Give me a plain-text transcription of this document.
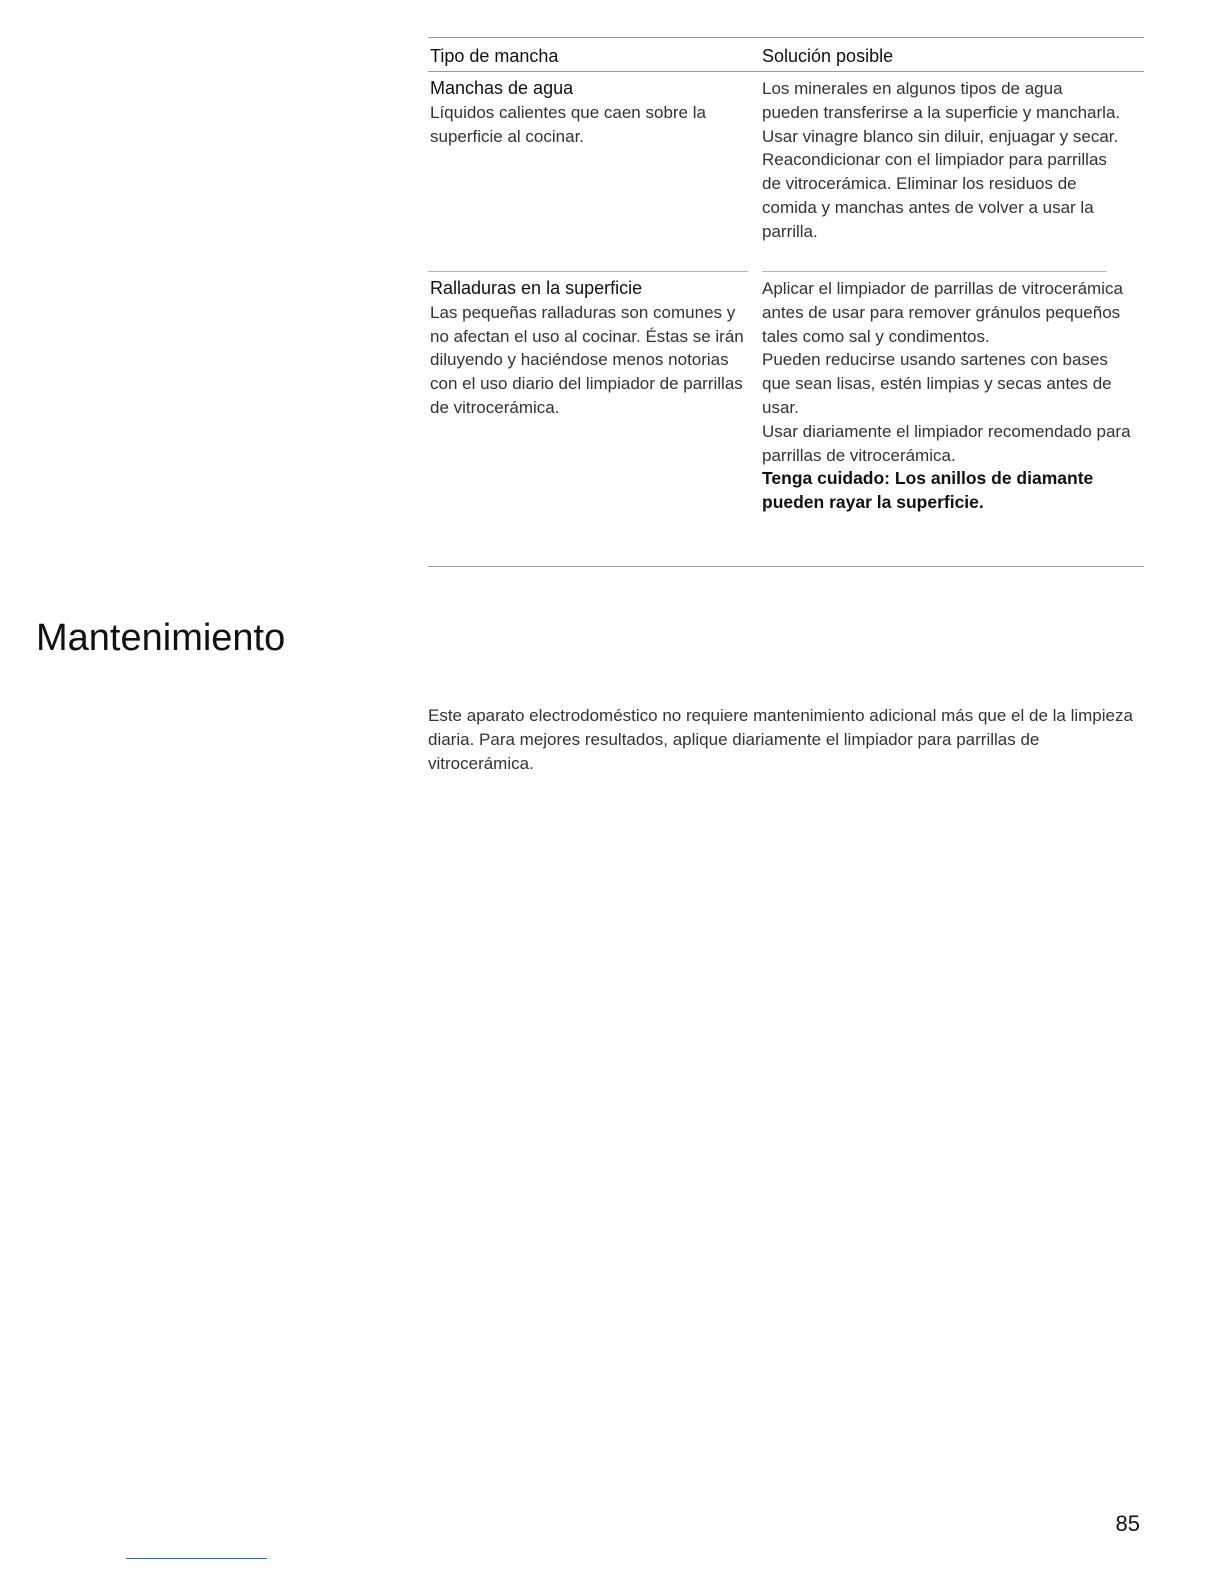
Tipo de mancha	Solución posible
Manchas de agua

Líquidos calientes que caen sobre la superficie al cocinar.

Los minerales en algunos tipos de agua pueden transferirse a la superficie y mancharla. Usar vinagre blanco sin diluir, enjuagar y secar. Reacondicionar con el limpiador para parrillas de vitrocerámica. Eliminar los residuos de comida y manchas antes de volver a usar la parrilla.

Ralladuras en la superficie

Las pequeñas ralladuras son comunes y no afectan el uso al cocinar. Éstas se irán diluyendo y haciéndose menos notorias con el uso diario del limpiador de parrillas de vitrocerámica.

Aplicar el limpiador de parrillas de vitrocerámica antes de usar para remover gránulos pequeños tales como sal y condimentos.

Pueden reducirse usando sartenes con bases que sean lisas, estén limpias y secas antes de usar.

Usar diariamente el limpiador recomendado para parrillas de vitrocerámica.

Tenga cuidado: Los anillos de diamante pueden rayar la superficie.

Mantenimiento

Este aparato electrodoméstico no requiere mantenimiento adicional más que el de la limpieza diaria. Para mejores resultados, aplique diariamente el limpiador para parrillas de vitrocerámica.

85
